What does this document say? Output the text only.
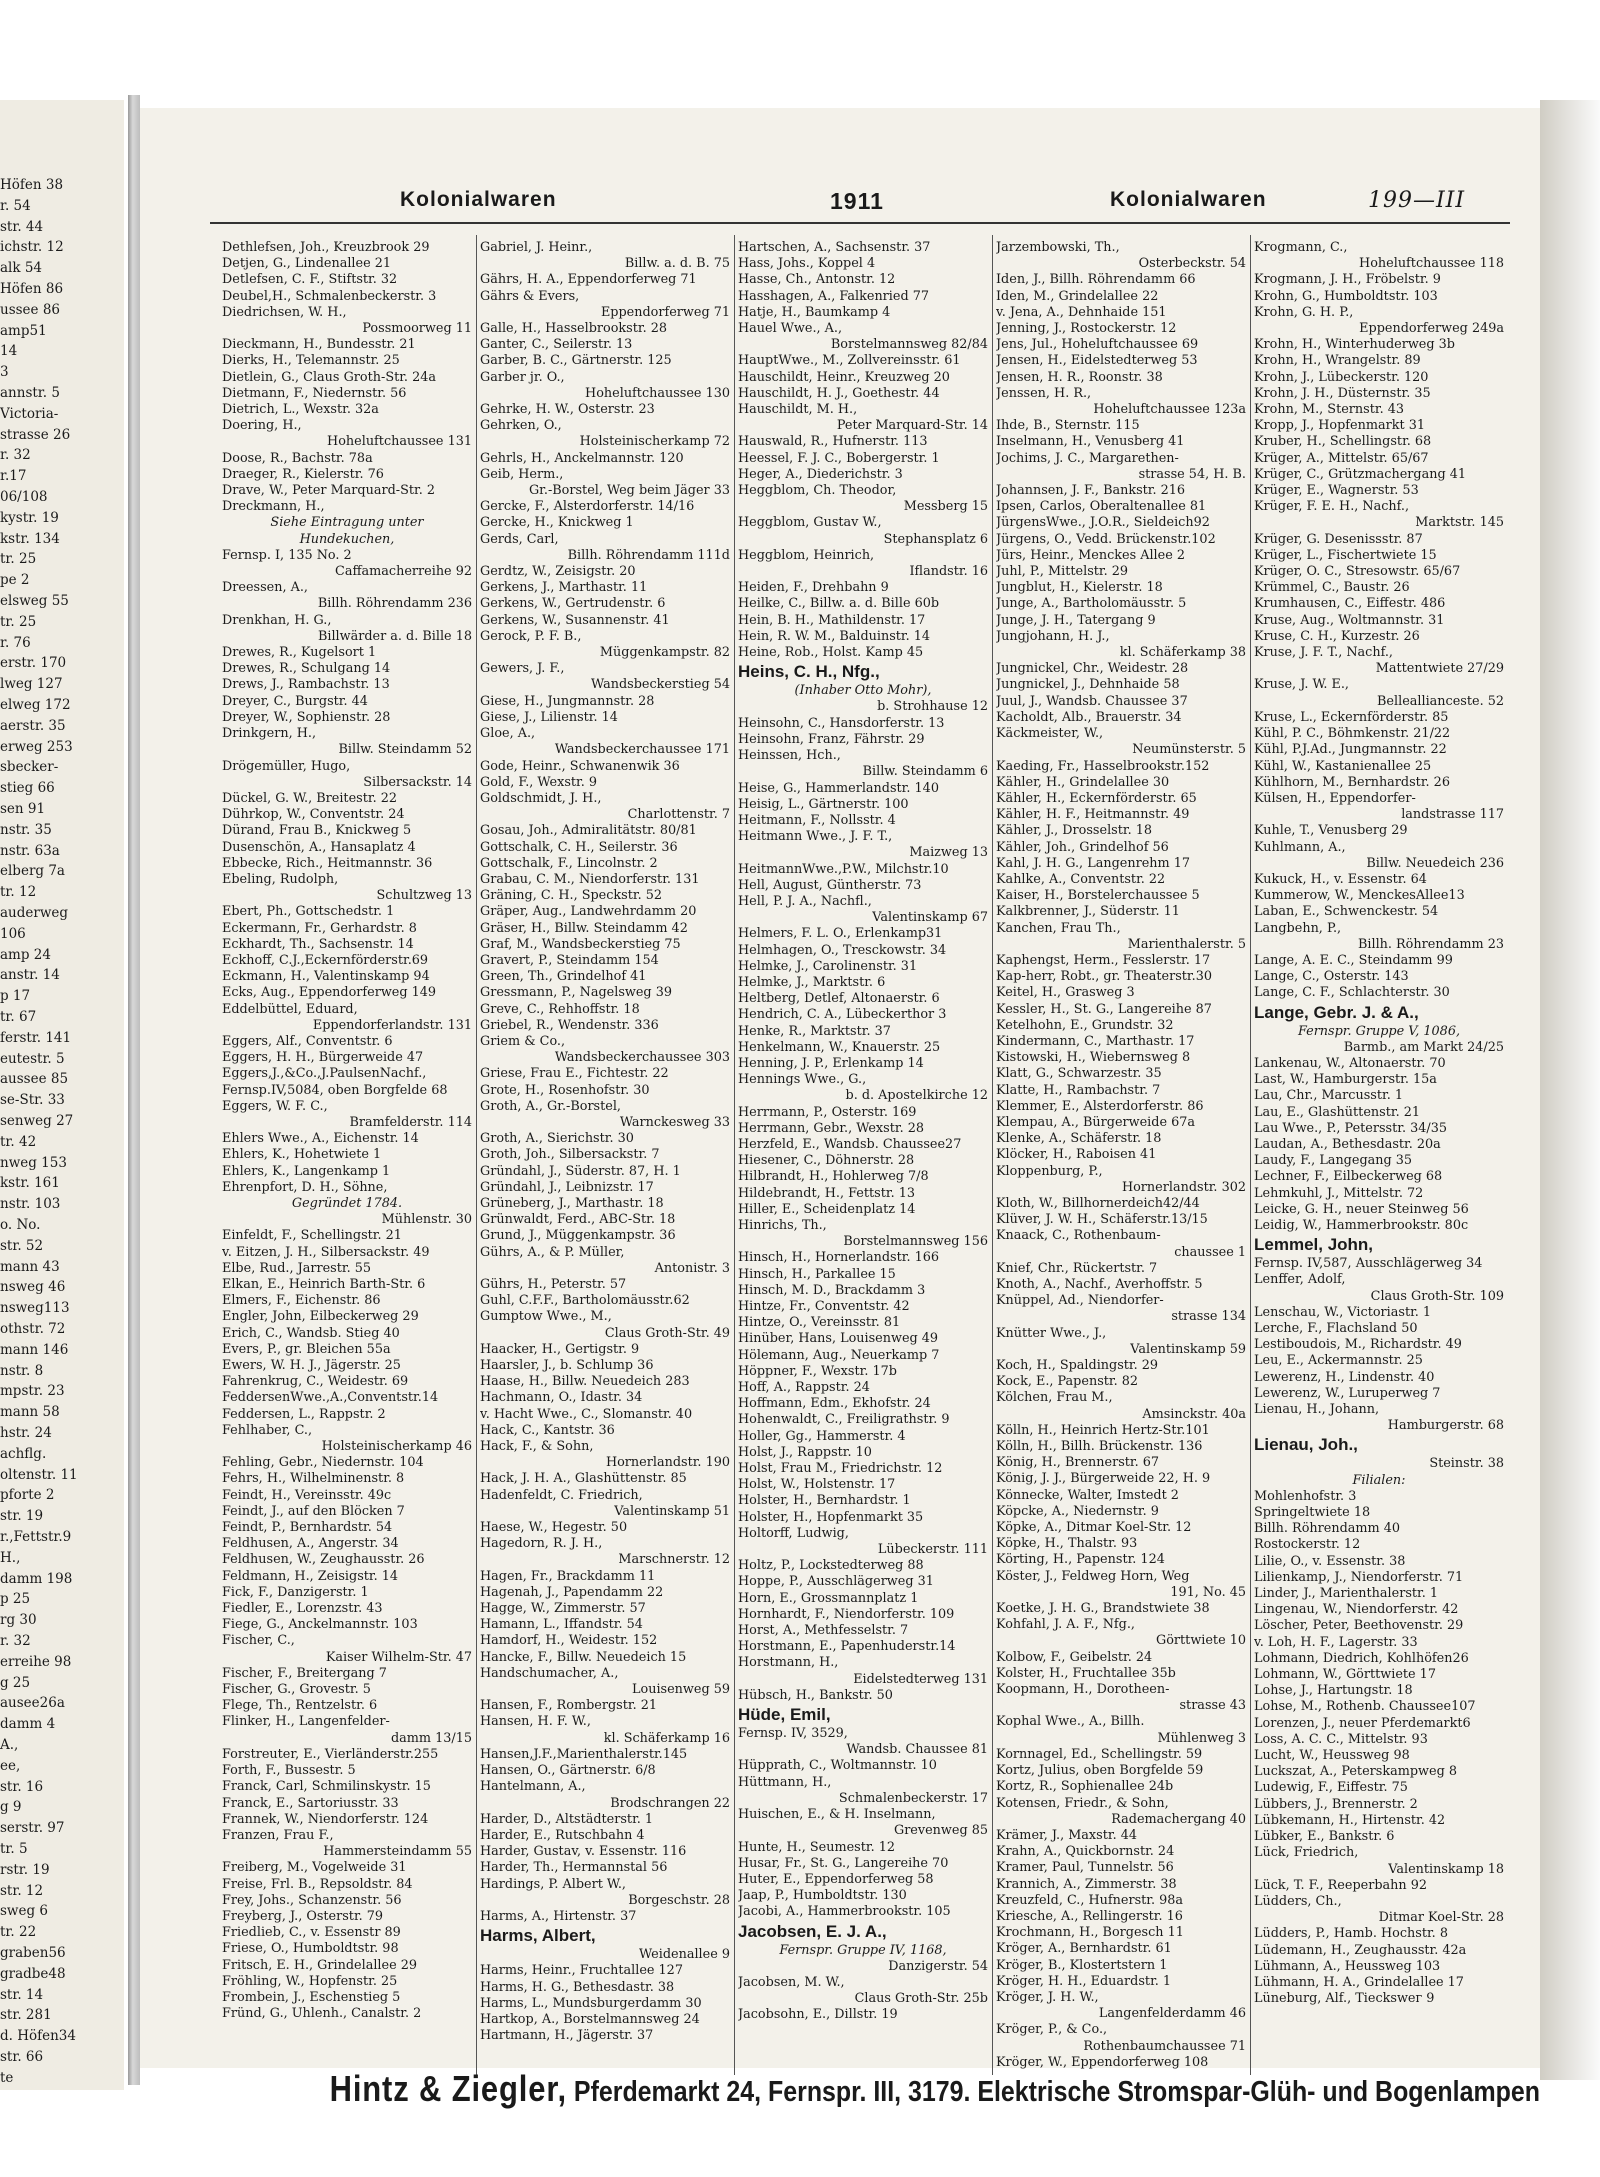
Höfen 38
r. 54
str. 44
ichstr. 12
alk 54
Höfen 86
ussee 86
amp51
14
3
annstr. 5
Victoria-
strasse 26
r. 32
r.17
06/108
kystr. 19
kstr. 134
tr. 25
pe 2
elsweg 55
tr. 25
r. 76
erstr. 170
lweg 127
elweg 172
aerstr. 35
erweg 253
sbecker-
stieg 66
sen 91
nstr. 35
nstr. 63a
elberg 7a
tr. 12
auderweg
106
amp 24
anstr. 14
p 17
tr. 67
ferstr. 141
eutestr. 5
aussee 85
se-Str. 33
senweg 27
tr. 42
nweg 153
kstr. 161
nstr. 103
o. No.
str. 52
mann 43
nsweg 46
nsweg113
othstr. 72
mann 146
nstr. 8
mpstr. 23
mann 58
hstr. 24
achflg.
oltenstr. 11
pforte 2
str. 19
r.,Fettstr.9
H.,
damm 198
p 25
rg 30
r. 32
erreihe 98
g 25
ausee26a
damm 4
A.,
ee,
str. 16
g 9
serstr. 97
tr. 5
rstr. 19
str. 12
sweg 6
tr. 22
graben56
gradbe48
str. 14
str. 281
d. Höfen34
str. 66
te
Kolonialwaren	1911	Kolonialwaren	199—III
Dethlefsen, Joh., Kreuzbrook 29
Detjen, G., Lindenallee 21
Detlefsen, C. F., Stiftstr. 32
Deubel,H., Schmalenbeckerstr. 3
Diedrichsen, W. H.,
Possmoorweg 11
Dieckmann, H., Bundesstr. 21
Dierks, H., Telemannstr. 25
Dietlein, G., Claus Groth-Str. 24a
Dietmann, F., Niedernstr. 56
Dietrich, L., Wexstr. 32a
Doering, H.,
Hoheluftchaussee 131
Doose, R., Bachstr. 78a
Draeger, R., Kielerstr. 76
Drave, W., Peter Marquard-Str. 2
Dreckmann, H.,
Siehe Eintragung unter
Hundekuchen,
Fernsp. I, 135 No. 2
Caffamacherreihe 92
Dreessen, A.,
Billh. Röhrendamm 236
Drenkhan, H. G.,
Billwärder a. d. Bille 18
Drewes, R., Kugelsort 1
Drewes, R., Schulgang 14
Drews, J., Rambachstr. 13
Dreyer, C., Burgstr. 44
Dreyer, W., Sophienstr. 28
Drinkgern, H.,
Billw. Steindamm 52
Drögemüller, Hugo,
Silbersackstr. 14
Dückel, G. W., Breitestr. 22
Dührkop, W., Conventstr. 24
Dürand, Frau B., Knickweg 5
Dusenschön, A., Hansaplatz 4
Ebbecke, Rich., Heitmannstr. 36
Ebeling, Rudolph,
Schultzweg 13
Ebert, Ph., Gottschedstr. 1
Eckermann, Fr., Gerhardstr. 8
Eckhardt, Th., Sachsenstr. 14
Eckhoff, C.J.,Eckernförderstr.69
Eckmann, H., Valentinskamp 94
Ecks, Aug., Eppendorferweg 149
Eddelbüttel, Eduard,
Eppendorferlandstr. 131
Eggers, Alf., Conventstr. 6
Eggers, H. H., Bürgerweide 47
Eggers,J.,&Co.,J.PaulsenNachf.,
Fernsp.IV,5084, oben Borgfelde 68
Eggers, W. F. C.,
Bramfelderstr. 114
Ehlers Wwe., A., Eichenstr. 14
Ehlers, K., Hohetwiete 1
Ehlers, K., Langenkamp 1
Ehrenpfort, D. H., Söhne,
Gegründet 1784.
Mühlenstr. 30
Einfeldt, F., Schellingstr. 21
v. Eitzen, J. H., Silbersackstr. 49
Elbe, Rud., Jarrestr. 55
Elkan, E., Heinrich Barth-Str. 6
Elmers, F., Eichenstr. 86
Engler, John, Eilbeckerweg 29
Erich, C., Wandsb. Stieg 40
Evers, P., gr. Bleichen 55a
Ewers, W. H. J., Jägerstr. 25
Fahrenkrug, C., Weidestr. 69
FeddersenWwe.,A.,Conventstr.14
Feddersen, L., Rappstr. 2
Fehlhaber, C.,
Holsteinischerkamp 46
Fehling, Gebr., Niedernstr. 104
Fehrs, H., Wilhelminenstr. 8
Feindt, H., Vereinsstr. 49c
Feindt, J., auf den Blöcken 7
Feindt, P., Bernhardstr. 54
Feldhusen, A., Angerstr. 34
Feldhusen, W., Zeughausstr. 26
Feldmann, H., Zeisigstr. 14
Fick, F., Danzigerstr. 1
Fiedler, E., Lorenzstr. 43
Fiege, G., Anckelmannstr. 103
Fischer, C.,
Kaiser Wilhelm-Str. 47
Fischer, F., Breitergang 7
Fischer, G., Grovestr. 5
Flege, Th., Rentzelstr. 6
Flinker, H., Langenfelder-
damm 13/15
Forstreuter, E., Vierländerstr.255
Forth, F., Bussestr. 5
Franck, Carl, Schmilinskystr. 15
Franck, E., Sartoriusstr. 33
Frannek, W., Niendorferstr. 124
Franzen, Frau F.,
Hammersteindamm 55
Freiberg, M., Vogelweide 31
Freise, Frl. B., Repsoldstr. 84
Frey, Johs., Schanzenstr. 56
Freyberg, J., Osterstr. 79
Friedlieb, C., v. Essenstr 89
Friese, O., Humboldtstr. 98
Fritsch, E. H., Grindelallee 29
Fröhling, W., Hopfenstr. 25
Frombein, J., Eschenstieg 5
Fründ, G., Uhlenh., Canalstr. 2
Gabriel, J. Heinr.,
Billw. a. d. B. 75
Gährs, H. A., Eppendorferweg 71
Gährs & Evers,
Eppendorferweg 71
Galle, H., Hasselbrookstr. 28
Ganter, C., Seilerstr. 13
Garber, B. C., Gärtnerstr. 125
Garber jr. O.,
Hoheluftchaussee 130
Gehrke, H. W., Osterstr. 23
Gehrken, O.,
Holsteinischerkamp 72
Gehrls, H., Anckelmannstr. 120
Geib, Herm.,
Gr.-Borstel, Weg beim Jäger 33
Gercke, F., Alsterdorferstr. 14/16
Gercke, H., Knickweg 1
Gerds, Carl,
Billh. Röhrendamm 111d
Gerdtz, W., Zeisigstr. 20
Gerkens, J., Marthastr. 11
Gerkens, W., Gertrudenstr. 6
Gerkens, W., Susannenstr. 41
Gerock, P. F. B.,
Müggenkampstr. 82
Gewers, J. F.,
Wandsbeckerstieg 54
Giese, H., Jungmannstr. 28
Giese, J., Lilienstr. 14
Gloe, A.,
Wandsbeckerchaussee 171
Gode, Heinr., Schwanenwik 36
Gold, F., Wexstr. 9
Goldschmidt, J. H.,
Charlottenstr. 7
Gosau, Joh., Admiralitätstr. 80/81
Gottschalk, C. H., Seilerstr. 36
Gottschalk, F., Lincolnstr. 2
Grabau, C. M., Niendorferstr. 131
Gräning, C. H., Speckstr. 52
Gräper, Aug., Landwehrdamm 20
Gräser, H., Billw. Steindamm 42
Graf, M., Wandsbeckerstieg 75
Gravert, P., Steindamm 154
Green, Th., Grindelhof 41
Gressmann, P., Nagelsweg 39
Greve, C., Rehhoffstr. 18
Griebel, R., Wendenstr. 336
Griem & Co.,
Wandsbeckerchaussee 303
Griese, Frau E., Fichtestr. 22
Grote, H., Rosenhofstr. 30
Groth, A., Gr.-Borstel,
Warnckesweg 33
Groth, A., Sierichstr. 30
Groth, Joh., Silbersackstr. 7
Gründahl, J., Süderstr. 87, H. 1
Gründahl, J., Leibnizstr. 17
Grüneberg, J., Marthastr. 18
Grünwaldt, Ferd., ABC-Str. 18
Grund, J., Müggenkampstr. 36
Gührs, A., & P. Müller,
Antonistr. 3
Gührs, H., Peterstr. 57
Guhl, C.F.F., Bartholomäusstr.62
Gumptow Wwe., M.,
Claus Groth-Str. 49
Haacker, H., Gertigstr. 9
Haarsler, J., b. Schlump 36
Haase, H., Billw. Neuedeich 283
Hachmann, O., Idastr. 34
v. Hacht Wwe., C., Slomanstr. 40
Hack, C., Kantstr. 36
Hack, F., & Sohn,
Hornerlandstr. 190
Hack, J. H. A., Glashüttenstr. 85
Hadenfeldt, C. Friedrich,
Valentinskamp 51
Haese, W., Hegestr. 50
Hagedorn, R. J. H.,
Marschnerstr. 12
Hagen, Fr., Brackdamm 11
Hagenah, J., Papendamm 22
Hagge, W., Zimmerstr. 57
Hamann, L., Iffandstr. 54
Hamdorf, H., Weidestr. 152
Hancke, F., Billw. Neuedeich 15
Handschumacher, A.,
Louisenweg 59
Hansen, F., Rombergstr. 21
Hansen, H. F. W.,
kl. Schäferkamp 16
Hansen,J.F.,Marienthalerstr.145
Hansen, O., Gärtnerstr. 6/8
Hantelmann, A.,
Brodschrangen 22
Harder, D., Altstädterstr. 1
Harder, E., Rutschbahn 4
Harder, Gustav, v. Essenstr. 116
Harder, Th., Hermannstal 56
Hardings, P. Albert W.,
Borgeschstr. 28
Harms, A., Hirtenstr. 37
Harms, Albert,
Weidenallee 9
Harms, Heinr., Fruchtallee 127
Harms, H. G., Bethesdastr. 38
Harms, L., Mundsburgerdamm 30
Hartkop, A., Borstelmannsweg 24
Hartmann, H., Jägerstr. 37
Hartschen, A., Sachsenstr. 37
Hass, Johs., Koppel 4
Hasse, Ch., Antonstr. 12
Hasshagen, A., Falkenried 77
Hatje, H., Baumkamp 4
Hauel Wwe., A.,
Borstelmannsweg 82/84
HauptWwe., M., Zollvereinsstr. 61
Hauschildt, Heinr., Kreuzweg 20
Hauschildt, H. J., Goethestr. 44
Hauschildt, M. H.,
Peter Marquard-Str. 14
Hauswald, R., Hufnerstr. 113
Heessel, F. J. C., Bobergerstr. 1
Heger, A., Diederichstr. 3
Heggblom, Ch. Theodor,
Messberg 15
Heggblom, Gustav W.,
Stephansplatz 6
Heggblom, Heinrich,
Iflandstr. 16
Heiden, F., Drehbahn 9
Heilke, C., Billw. a. d. Bille 60b
Hein, B. H., Mathildenstr. 17
Hein, R. W. M., Balduinstr. 14
Heine, Rob., Holst. Kamp 45
Heins, C. H., Nfg.,
(Inhaber Otto Mohr),
b. Strohhause 12
Heinsohn, C., Hansdorferstr. 13
Heinsohn, Franz, Fährstr. 29
Heinssen, Hch.,
Billw. Steindamm 6
Heise, G., Hammerlandstr. 140
Heisig, L., Gärtnerstr. 100
Heitmann, F., Nollsstr. 4
Heitmann Wwe., J. F. T.,
Maizweg 13
HeitmannWwe.,P.W., Milchstr.10
Hell, August, Güntherstr. 73
Hell, P. J. A., Nachfl.,
Valentinskamp 67
Helmers, F. L. O., Erlenkamp31
Helmhagen, O., Tresckowstr. 34
Helmke, J., Carolinenstr. 31
Helmke, J., Marktstr. 6
Heltberg, Detlef, Altonaerstr. 6
Hendrich, C. A., Lübeckerthor 3
Henke, R., Marktstr. 37
Henkelmann, W., Knauerstr. 25
Henning, J. P., Erlenkamp 14
Hennings Wwe., G.,
b. d. Apostelkirche 12
Herrmann, P., Osterstr. 169
Herrmann, Gebr., Wexstr. 28
Herzfeld, E., Wandsb. Chaussee27
Hiesener, C., Döhnerstr. 28
Hilbrandt, H., Hohlerweg 7/8
Hildebrandt, H., Fettstr. 13
Hiller, E., Scheidenplatz 14
Hinrichs, Th.,
Borstelmannsweg 156
Hinsch, H., Hornerlandstr. 166
Hinsch, H., Parkallee 15
Hinsch, M. D., Brackdamm 3
Hintze, Fr., Conventstr. 42
Hintze, O., Vereinsstr. 81
Hinüber, Hans, Louisenweg 49
Hölemann, Aug., Neuerkamp 7
Höppner, F., Wexstr. 17b
Hoff, A., Rappstr. 24
Hoffmann, Edm., Ekhofstr. 24
Hohenwaldt, C., Freiligrathstr. 9
Holler, Gg., Hammerstr. 4
Holst, J., Rappstr. 10
Holst, Frau M., Friedrichstr. 12
Holst, W., Holstenstr. 17
Holster, H., Bernhardstr. 1
Holster, H., Hopfenmarkt 35
Holtorff, Ludwig,
Lübeckerstr. 111
Holtz, P., Lockstedterweg 88
Hoppe, P., Ausschlägerweg 31
Horn, E., Grossmannplatz 1
Hornhardt, F., Niendorferstr. 109
Horst, A., Methfesselstr. 7
Horstmann, E., Papenhuderstr.14
Horstmann, H.,
Eidelstedterweg 131
Hübsch, H., Bankstr. 50
Hüde, Emil,
Fernsp. IV, 3529,
Wandsb. Chaussee 81
Hüpprath, C., Woltmannstr. 10
Hüttmann, H.,
Schmalenbeckerstr. 17
Huischen, E., & H. Inselmann,
Grevenweg 85
Hunte, H., Seumestr. 12
Husar, Fr., St. G., Langereihe 70
Huter, E., Eppendorferweg 58
Jaap, P., Humboldtstr. 130
Jacobi, A., Hammerbrookstr. 105
Jacobsen, E. J. A.,
Fernspr. Gruppe IV, 1168,
Danzigerstr. 54
Jacobsen, M. W.,
Claus Groth-Str. 25b
Jacobsohn, E., Dillstr. 19
Jarzembowski, Th.,
Osterbeckstr. 54
Iden, J., Billh. Röhrendamm 66
Iden, M., Grindelallee 22
v. Jena, A., Dehnhaide 151
Jenning, J., Rostockerstr. 12
Jens, Jul., Hoheluftchaussee 69
Jensen, H., Eidelstedterweg 53
Jensen, H. R., Roonstr. 38
Jenssen, H. R.,
Hoheluftchaussee 123a
Ihde, B., Sternstr. 115
Inselmann, H., Venusberg 41
Jochims, J. C., Margarethen-
strasse 54, H. B.
Johannsen, J. F., Bankstr. 216
Ipsen, Carlos, Oberaltenallee 81
JürgensWwe., J.O.R., Sieldeich92
Jürgens, O., Vedd. Brückenstr.102
Jürs, Heinr., Menckes Allee 2
Juhl, P., Mittelstr. 29
Jungblut, H., Kielerstr. 18
Junge, A., Bartholomäusstr. 5
Junge, J. H., Tatergang 9
Jungjohann, H. J.,
kl. Schäferkamp 38
Jungnickel, Chr., Weidestr. 28
Jungnickel, J., Dehnhaide 58
Juul, J., Wandsb. Chaussee 37
Kacholdt, Alb., Brauerstr. 34
Käckmeister, W.,
Neumünsterstr. 5
Kaeding, Fr., Hasselbrookstr.152
Kähler, H., Grindelallee 30
Kähler, H., Eckernförderstr. 65
Kähler, H. F., Heitmannstr. 49
Kähler, J., Drosselstr. 18
Kähler, Joh., Grindelhof 56
Kahl, J. H. G., Langenrehm 17
Kahlke, A., Conventstr. 22
Kaiser, H., Borstelerchaussee 5
Kalkbrenner, J., Süderstr. 11
Kanchen, Frau Th.,
Marienthalerstr. 5
Kaphengst, Herm., Fesslerstr. 17
Kap-herr, Robt., gr. Theaterstr.30
Keitel, H., Grasweg 3
Kessler, H., St. G., Langereihe 87
Ketelhohn, E., Grundstr. 32
Kindermann, C., Marthastr. 17
Kistowski, H., Wiebernsweg 8
Klatt, G., Schwarzestr. 35
Klatte, H., Rambachstr. 7
Klemmer, E., Alsterdorferstr. 86
Klempau, A., Bürgerweide 67a
Klenke, A., Schäferstr. 18
Klöcker, H., Raboisen 41
Kloppenburg, P.,
Hornerlandstr. 302
Kloth, W., Billhornerdeich42/44
Klüver, J. W. H., Schäferstr.13/15
Knaack, C., Rothenbaum-
chaussee 1
Knief, Chr., Rückertstr. 7
Knoth, A., Nachf., Averhoffstr. 5
Knüppel, Ad., Niendorfer-
strasse 134
Knütter Wwe., J.,
Valentinskamp 59
Koch, H., Spaldingstr. 29
Kock, E., Papenstr. 82
Kölchen, Frau M.,
Amsinckstr. 40a
Kölln, H., Heinrich Hertz-Str.101
Kölln, H., Billh. Brückenstr. 136
König, H., Brennerstr. 67
König, J. J., Bürgerweide 22, H. 9
Könnecke, Walter, Imstedt 2
Köpcke, A., Niedernstr. 9
Köpke, A., Ditmar Koel-Str. 12
Köpke, H., Thalstr. 93
Körting, H., Papenstr. 124
Köster, J., Feldweg Horn, Weg
191, No. 45
Koetke, J. H. G., Brandstwiete 38
Kohfahl, J. A. F., Nfg.,
Görttwiete 10
Kolbow, F., Geibelstr. 24
Kolster, H., Fruchtallee 35b
Koopmann, H., Dorotheen-
strasse 43
Kophal Wwe., A., Billh.
Mühlenweg 3
Kornnagel, Ed., Schellingstr. 59
Kortz, Julius, oben Borgfelde 59
Kortz, R., Sophienallee 24b
Kotensen, Friedr., & Sohn,
Rademachergang 40
Krämer, J., Maxstr. 44
Krahn, A., Quickbornstr. 24
Kramer, Paul, Tunnelstr. 56
Krannich, A., Zimmerstr. 38
Kreuzfeld, C., Hufnerstr. 98a
Kriesche, A., Rellingerstr. 16
Krochmann, H., Borgesch 11
Kröger, A., Bernhardstr. 61
Kröger, B., Klostertstern 1
Kröger, H. H., Eduardstr. 1
Kröger, J. H. W.,
Langenfelderdamm 46
Kröger, P., & Co.,
Rothenbaumchaussee 71
Kröger, W., Eppendorferweg 108
Krogmann, C.,
Hoheluftchaussee 118
Krogmann, J. H., Fröbelstr. 9
Krohn, G., Humboldtstr. 103
Krohn, G. H. P.,
Eppendorferweg 249a
Krohn, H., Winterhuderweg 3b
Krohn, H., Wrangelstr. 89
Krohn, J., Lübeckerstr. 120
Krohn, J. H., Düsternstr. 35
Krohn, M., Sternstr. 43
Kropp, J., Hopfenmarkt 31
Kruber, H., Schellingstr. 68
Krüger, A., Mittelstr. 65/67
Krüger, C., Grützmachergang 41
Krüger, E., Wagnerstr. 53
Krüger, F. E. H., Nachf.,
Marktstr. 145
Krüger, G. Desenissstr. 87
Krüger, L., Fischertwiete 15
Krüger, O. C., Stresowstr. 65/67
Krümmel, C., Baustr. 26
Krumhausen, C., Eiffestr. 486
Kruse, Aug., Woltmannstr. 31
Kruse, C. H., Kurzestr. 26
Kruse, J. F. T., Nachf.,
Mattentwiete 27/29
Kruse, J. W. E.,
Belleallianceste. 52
Kruse, L., Eckernförderstr. 85
Kühl, P. C., Böhmkenstr. 21/22
Kühl, P.J.Ad., Jungmannstr. 22
Kühl, W., Kastanienallee 25
Kühlhorn, M., Bernhardstr. 26
Külsen, H., Eppendorfer-
landstrasse 117
Kuhle, T., Venusberg 29
Kuhlmann, A.,
Billw. Neuedeich 236
Kukuck, H., v. Essenstr. 64
Kummerow, W., MenckesAllee13
Laban, E., Schwenckestr. 54
Langbehn, P.,
Billh. Röhrendamm 23
Lange, A. E. C., Steindamm 99
Lange, C., Osterstr. 143
Lange, C. F., Schlachterstr. 30
Lange, Gebr. J. & A.,
Fernspr. Gruppe V, 1086,
Barmb., am Markt 24/25
Lankenau, W., Altonaerstr. 70
Last, W., Hamburgerstr. 15a
Lau, Chr., Marcusstr. 1
Lau, E., Glashüttenstr. 21
Lau Wwe., P., Petersstr. 34/35
Laudan, A., Bethesdastr. 20a
Laudy, F., Langegang 35
Lechner, F., Eilbeckerweg 68
Lehmkuhl, J., Mittelstr. 72
Leicke, G. H., neuer Steinweg 56
Leidig, W., Hammerbrookstr. 80c
Lemmel, John,
Fernsp. IV,587, Ausschlägerweg 34
Lenffer, Adolf,
Claus Groth-Str. 109
Lenschau, W., Victoriastr. 1
Lerche, F., Flachsland 50
Lestiboudois, M., Richardstr. 49
Leu, E., Ackermannstr. 25
Lewerenz, H., Lindenstr. 40
Lewerenz, W., Luruperweg 7
Lienau, H., Johann,
Hamburgerstr. 68
Lienau, Joh.,
Steinstr. 38
Filialen:
Mohlenhofstr. 3
Springeltwiete 18
Billh. Röhrendamm 40
Rostockerstr. 12
Lilie, O., v. Essenstr. 38
Lilienkamp, J., Niendorferstr. 71
Linder, J., Marienthalerstr. 1
Lingenau, W., Niendorferstr. 42
Löscher, Peter, Beethovenstr. 29
v. Loh, H. F., Lagerstr. 33
Lohmann, Diedrich, Kohlhöfen26
Lohmann, W., Görttwiete 17
Lohse, J., Hartungstr. 18
Lohse, M., Rothenb. Chaussee107
Lorenzen, J., neuer Pferdemarkt6
Loss, A. C. C., Mittelstr. 93
Lucht, W., Heussweg 98
Luckszat, A., Peterskampweg 8
Ludewig, F., Eiffestr. 75
Lübbers, J., Brennerstr. 2
Lübkemann, H., Hirtenstr. 42
Lübker, E., Bankstr. 6
Lück, Friedrich,
Valentinskamp 18
Lück, T. F., Reeperbahn 92
Lüdders, Ch.,
Ditmar Koel-Str. 28
Lüdders, P., Hamb. Hochstr. 8
Lüdemann, H., Zeughausstr. 42a
Lühmann, A., Heussweg 103
Lühmann, H. A., Grindelallee 17
Lüneburg, Alf., Tieckswег 9
Hintz & Ziegler, Pferdemarkt 24, Fernspr. III, 3179. Elektrische Stromspar-Glüh- und Bogenlampen
